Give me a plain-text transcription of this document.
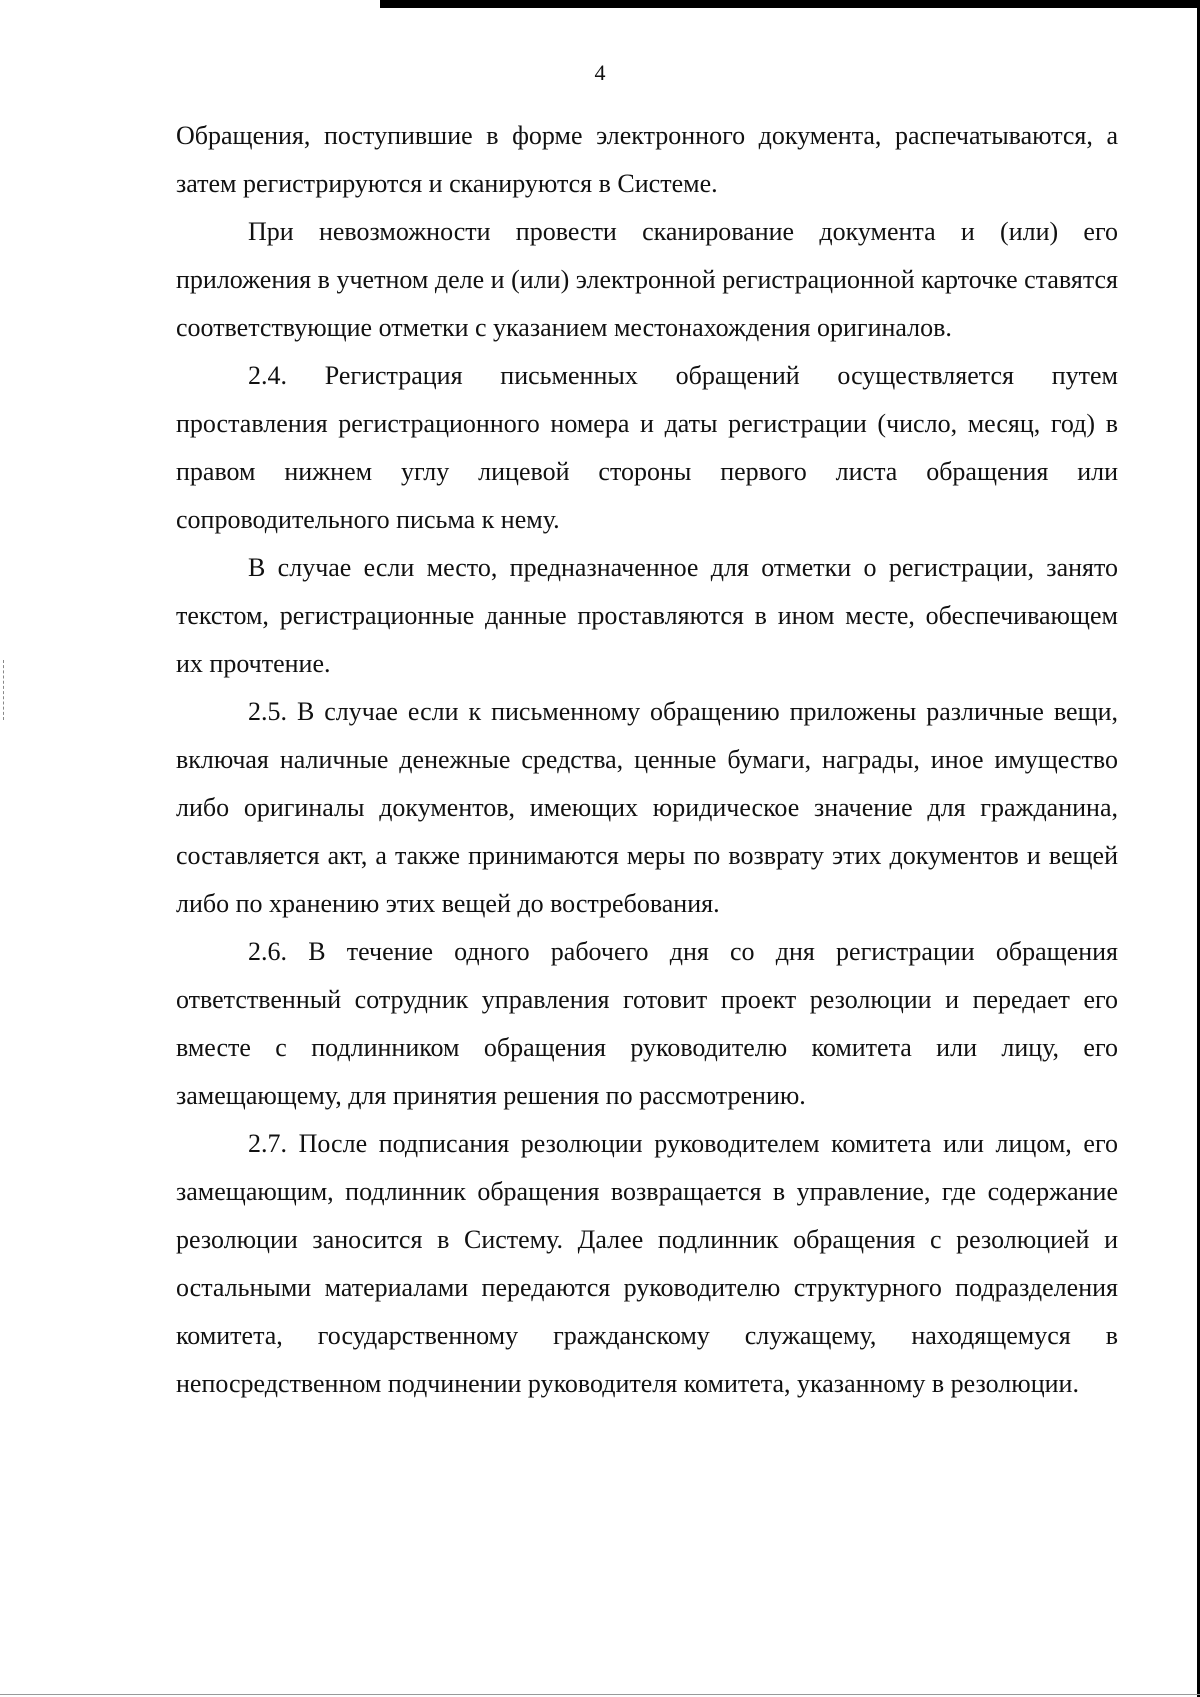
4

Обращения, поступившие в форме электронного документа, распечатываются, а затем регистрируются и сканируются в Системе.

При невозможности провести сканирование документа и (или) его приложения в учетном деле и (или) электронной регистрационной карточке ставятся соответствующие отметки с указанием местонахождения оригиналов.

2.4. Регистрация письменных обращений осуществляется путем проставления регистрационного номера и даты регистрации (число, месяц, год) в правом нижнем углу лицевой стороны первого листа обращения или сопроводительного письма к нему.

В случае если место, предназначенное для отметки о регистрации, занято текстом, регистрационные данные проставляются в ином месте, обеспечивающем их прочтение.

2.5. В случае если к письменному обращению приложены различные вещи, включая наличные денежные средства, ценные бумаги, награды, иное имущество либо оригиналы документов, имеющих юридическое значение для гражданина, составляется акт, а также принимаются меры по возврату этих документов и вещей либо по хранению этих вещей до востребования.

2.6. В течение одного рабочего дня со дня регистрации обращения ответственный сотрудник управления готовит проект резолюции и передает его вместе с подлинником обращения руководителю комитета или лицу, его замещающему, для принятия решения по рассмотрению.

2.7. После подписания резолюции руководителем комитета или лицом, его замещающим, подлинник обращения возвращается в управление, где содержание резолюции заносится в Систему. Далее подлинник обращения с резолюцией и остальными материалами передаются руководителю структурного подразделения комитета, государственному гражданскому служащему, находящемуся в непосредственном подчинении руководителя комитета, указанному в резолюции.
